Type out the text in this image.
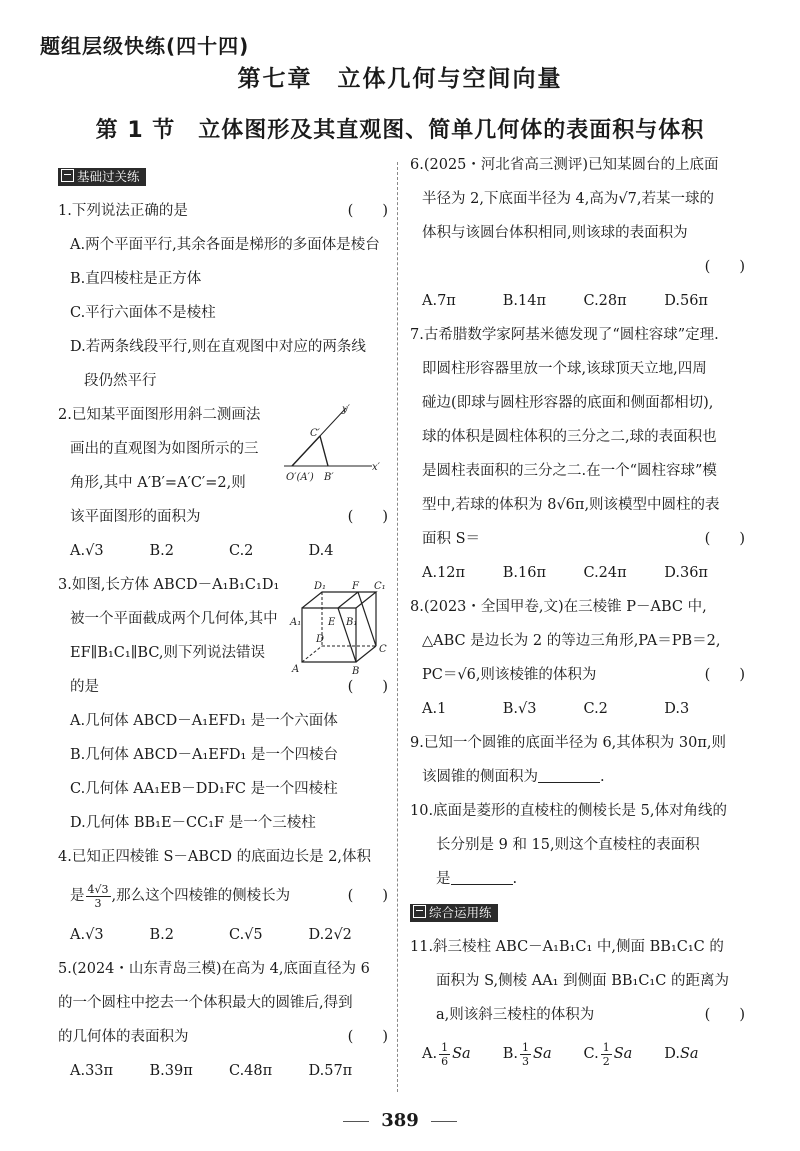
题组层级快练(四十四)
第七章　立体几何与空间向量
第 1 节　立体图形及其直观图、简单几何体的表面积与体积
基础过关练
1.下列说法正确的是	(　　)
A.两个平面平行,其余各面是梯形的多面体是棱台
B.直四棱柱是正方体
C.平行六面体不是棱柱
D.若两条线段平行,则在直观图中对应的两条线
段仍然平行
2.已知某平面图形用斜二测画法
画出的直观图为如图所示的三
角形,其中 A′B′=A′C′=2,则
该平面图形的面积为	(　　)
A.√3	B.2	C.2	D.4
3.如图,长方体 ABCD－A₁B₁C₁D₁
被一个平面截成两个几何体,其中
EF∥B₁C₁∥BC,则下列说法错误
的是	(　　)
A.几何体 ABCD－A₁EFD₁ 是一个六面体
B.几何体 ABCD－A₁EFD₁ 是一个四棱台
C.几何体 AA₁EB－DD₁FC 是一个四棱柱
D.几何体 BB₁E－CC₁F 是一个三棱柱
4.已知正四棱锥 S－ABCD 的底面边长是 2,体积
是 $\frac{4√3}{3}$ ,那么这个四棱锥的侧棱长为	(　　)
A.√3	B.2	C.√5	D.2√2
5.(2024・山东青岛三模)在高为 4,底面直径为 6
的一个圆柱中挖去一个体积最大的圆锥后,得到
的几何体的表面积为	(　　)
A.33π	B.39π	C.48π	D.57π
y′
C′
O′(A′) B′
x′
D₁	F C₁
A₁	E B₁
D
C
A	B
6.(2025・河北省高三测评)已知某圆台的上底面
半径为 2,下底面半径为 4,高为√7,若某一球的
体积与该圆台体积相同,则该球的表面积为
(　　)

A.7π	B.14π	C.28π	D.56π
7.古希腊数学家阿基米德发现了“圆柱容球”定理.
即圆柱形容器里放一个球,该球顶天立地,四周
碰边(即球与圆柱形容器的底面和侧面都相切),
球的体积是圆柱体积的三分之二,球的表面积也
是圆柱表面积的三分之二.在一个“圆柱容球”模
型中,若球的体积为 8√6π,则该模型中圆柱的表
面积 S＝	(　　)
A.12π	B.16π	C.24π	D.36π
8.(2023・全国甲卷,文)在三棱锥 P－ABC 中,
△ABC 是边长为 2 的等边三角形,PA＝PB＝2,
PC＝√6,则该棱锥的体积为	(　　)
A.1	B.√3	C.2	D.3
9.已知一个圆锥的底面半径为 6,其体积为 30π,则
该圆锥的侧面积为	.
10.底面是菱形的直棱柱的侧棱长是 5,体对角线的
长分别是 9 和 15,则这个直棱柱的表面积
是	.
综合运用练
11.斜三棱柱 ABC－A₁B₁C₁ 中,侧面 BB₁C₁C 的
面积为 S,侧棱 AA₁ 到侧面 BB₁C₁C 的距离为
a,则该斜三棱柱的体积为	(　　)
A. $\frac{1}{6}$ Sa	B. $\frac{1}{3}$ Sa	C. $\frac{1}{2}$ Sa	D.Sa
389
